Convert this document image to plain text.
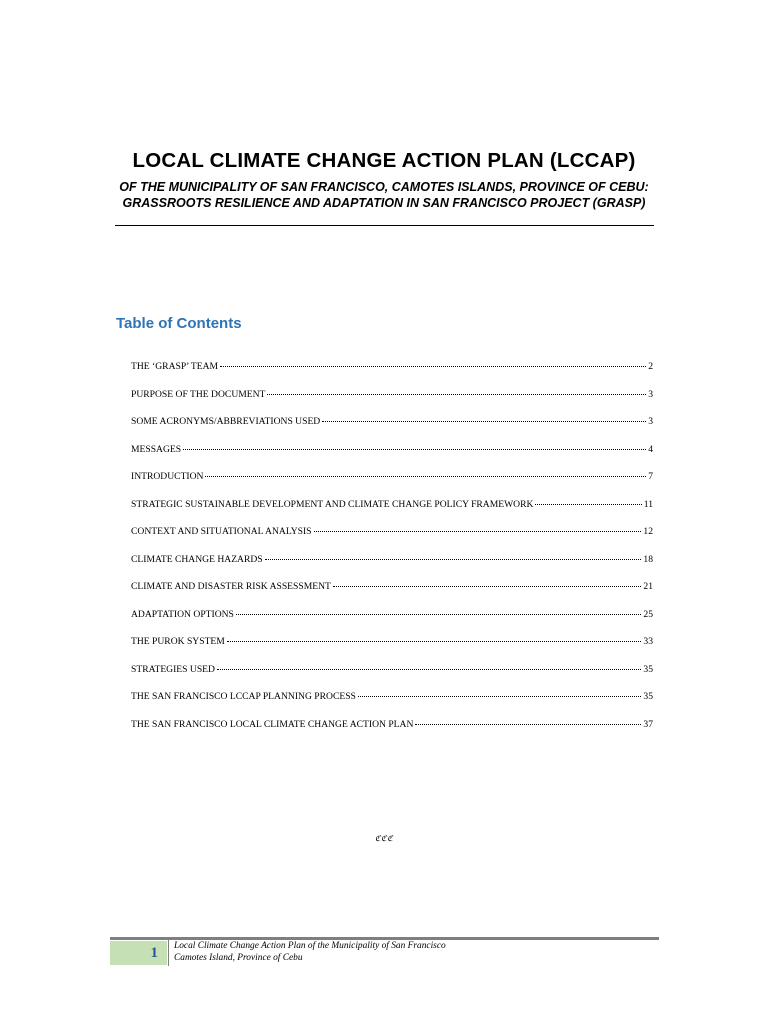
LOCAL CLIMATE CHANGE ACTION PLAN (LCCAP)
OF THE MUNICIPALITY OF SAN FRANCISCO, CAMOTES ISLANDS, PROVINCE OF CEBU:
GRASSROOTS RESILIENCE AND ADAPTATION IN SAN FRANCISCO PROJECT (GRASP)
Table of Contents
THE ‘GRASP’ TEAM	2
PURPOSE OF THE DOCUMENT	3
SOME ACRONYMS/ABBREVIATIONS USED	3
MESSAGES	4
INTRODUCTION	7
STRATEGIC SUSTAINABLE DEVELOPMENT AND CLIMATE CHANGE POLICY FRAMEWORK	11
CONTEXT AND SITUATIONAL ANALYSIS	12
CLIMATE CHANGE HAZARDS	18
CLIMATE AND DISASTER RISK ASSESSMENT	21
ADAPTATION OPTIONS	25
THE PUROK SYSTEM	33
STRATEGIES USED	35
THE SAN FRANCISCO LCCAP PLANNING PROCESS	35
THE SAN FRANCISCO LOCAL CLIMATE CHANGE ACTION PLAN	37
ℭℭℭ
1	Local Climate Change Action Plan of the Municipality of San Francisco
Camotes Island, Province of Cebu
